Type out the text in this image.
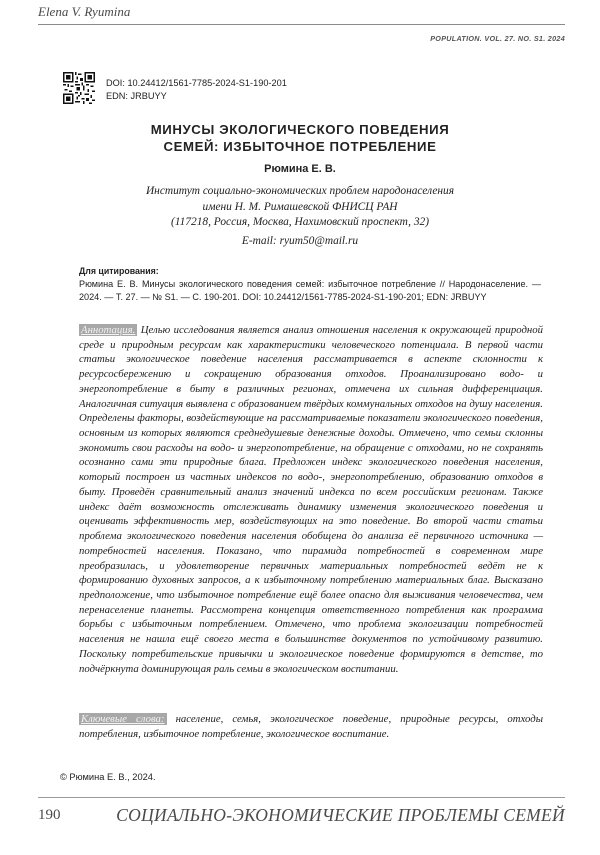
Elena V. Ryumina
POPULATION. VOL. 27. NO. S1. 2024
DOI: 10.24412/1561-7785-2024-S1-190-201
EDN: JRBUYY

МИНУСЫ ЭКОЛОГИЧЕСКОГО ПОВЕДЕНИЯ

СЕМЕЙ: ИЗБЫТОЧНОЕ ПОТРЕБЛЕНИЕ

Рюмина Е. В.
Институт социально-экономических проблем народонаселения
имени Н. М. Римашевской ФНИСЦ РАН
(117218, Россия, Москва, Нахимовский проспект, 32)
E-mail: ryum50@mail.ru
Для цитирования:
Рюмина Е. В. Минусы экологического поведения семей: избыточное потребление // Народонаселение. — 2024. — Т. 27. — № S1. — С. 190-201. DOI: 10.24412/1561-7785-2024-S1-190-201; EDN: JRBUYY

Аннотация. Целью исследования является анализ отношения населения к окружающей природной среде и природным ресурсам как характеристики человеческого потенциала. В первой части статьи экологическое поведение населения рассматривается в аспекте склонности к ресурсосбережению и сокращению образования отходов. Проанализировано водо- и энергопотребление в быту в различных регионах, отмечена их сильная дифференциация. Аналогичная ситуация выявлена с образованием твёрдых коммунальных отходов на душу населения. Определены факторы, воздействующие на рассматриваемые показатели экологического поведения, основным из которых являются среднедушевые денежные доходы. Отмечено, что семьи склонны экономить свои расходы на водо- и энергопотребление, на обращение с отходами, но не сохранять осознанно сами эти природные блага. Предложен индекс экологического поведения населения, который построен из частных индексов по водо-, энергопотреблению, образованию отходов в быту. Проведён сравнительный анализ значений индекса по всем российским регионам. Также индекс даёт возможность отслеживать динамику изменения экологического поведения и оценивать эффективность мер, воздействующих на это поведение. Во второй части статьи проблема экологического поведения населения обобщена до анализа её первичного источника — потребностей населения. Показано, что пирамида потребностей в современном мире преобразилась, и удовлетворение первичных материальных потребностей ведёт не к формированию духовных запросов, а к избыточному потреблению материальных благ. Высказано предположение, что избыточное потребление ещё более опасно для выживания человечества, чем перенаселение планеты. Рассмотрена концепция ответственного потребления как программа борьбы с избыточным потреблением. Отмечено, что проблема экологизации потребностей населения не нашла ещё своего места в большинстве документов по устойчивому развитию. Поскольку потребительские привычки и экологическое поведение формируются в детстве, то подчёркнута доминирующая раль семьи в экологическом воспитании.

Ключевые слова: население, семья, экологическое поведение, природные ресурсы, отходы потребления, избыточное потребление, экологическое воспитание.

© Рюмина Е. В., 2024.
190	СОЦИАЛЬНО-ЭКОНОМИЧЕСКИЕ ПРОБЛЕМЫ СЕМЕЙ
